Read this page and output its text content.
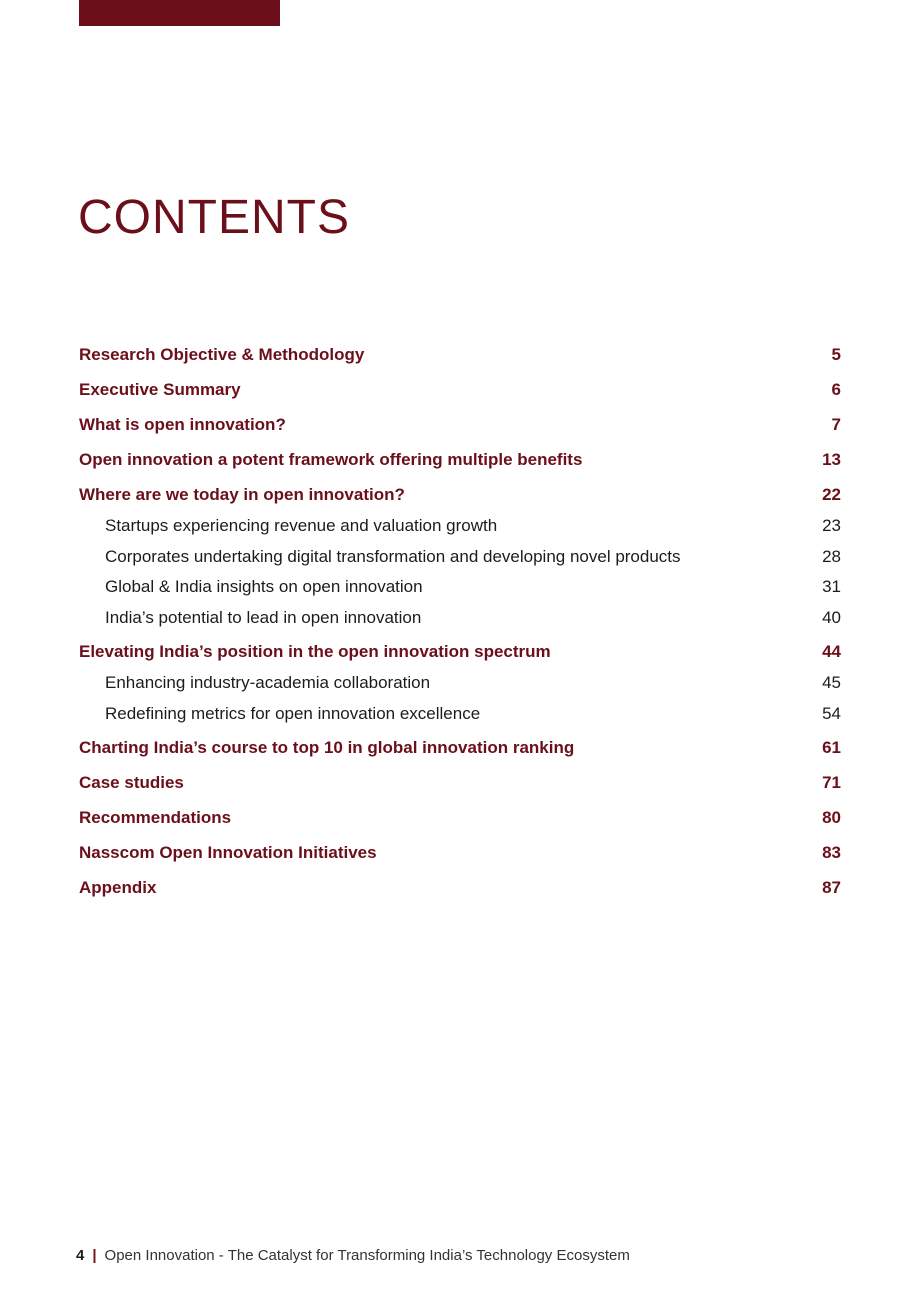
CONTENTS
Research Objective & Methodology	5
Executive Summary	6
What is open innovation?	7
Open innovation a potent framework offering multiple benefits	13
Where are we today in open innovation?	22
Startups experiencing revenue and valuation growth	23
Corporates undertaking digital transformation and developing novel products	28
Global & India insights on open innovation	31
India’s potential to lead in open innovation	40
Elevating India’s position in the open innovation spectrum	44
Enhancing industry-academia collaboration	45
Redefining metrics for open innovation excellence	54
Charting India’s course to top 10 in global innovation ranking	61
Case studies	71
Recommendations	80
Nasscom Open Innovation Initiatives	83
Appendix	87
4 | Open Innovation - The Catalyst for Transforming India’s Technology Ecosystem
